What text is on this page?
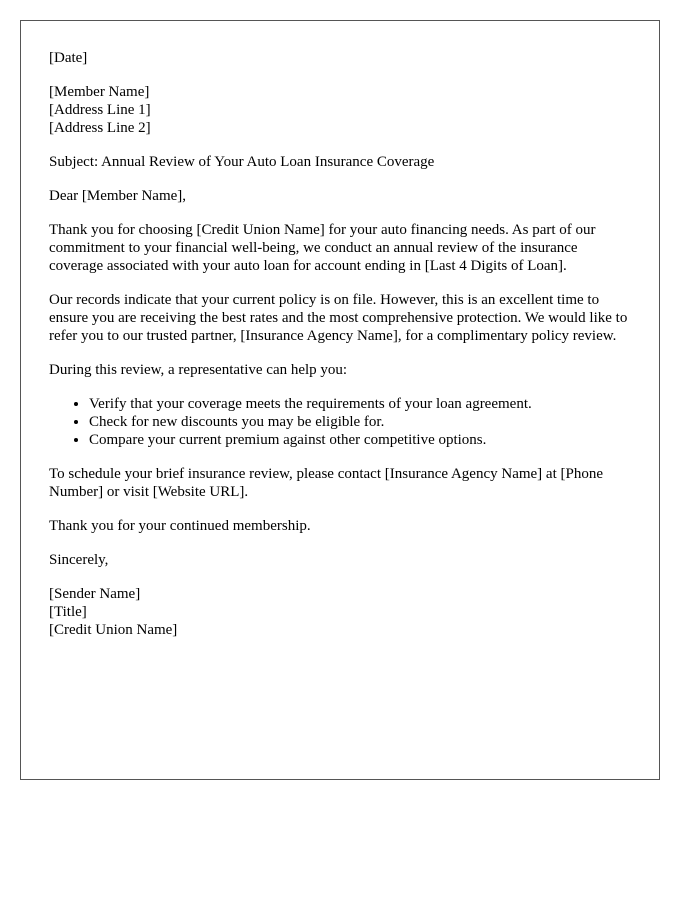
[Date]

[Member Name]
[Address Line 1]
[Address Line 2]

Subject: Annual Review of Your Auto Loan Insurance Coverage

Dear [Member Name],

Thank you for choosing [Credit Union Name] for your auto financing needs. As part of our commitment to your financial well-being, we conduct an annual review of the insurance coverage associated with your auto loan for account ending in [Last 4 Digits of Loan].

Our records indicate that your current policy is on file. However, this is an excellent time to ensure you are receiving the best rates and the most comprehensive protection. We would like to refer you to our trusted partner, [Insurance Agency Name], for a complimentary policy review.

During this review, a representative can help you:

• Verify that your coverage meets the requirements of your loan agreement.
• Check for new discounts you may be eligible for.
• Compare your current premium against other competitive options.

To schedule your brief insurance review, please contact [Insurance Agency Name] at [Phone Number] or visit [Website URL].

Thank you for your continued membership.

Sincerely,

[Sender Name]
[Title]
[Credit Union Name]
